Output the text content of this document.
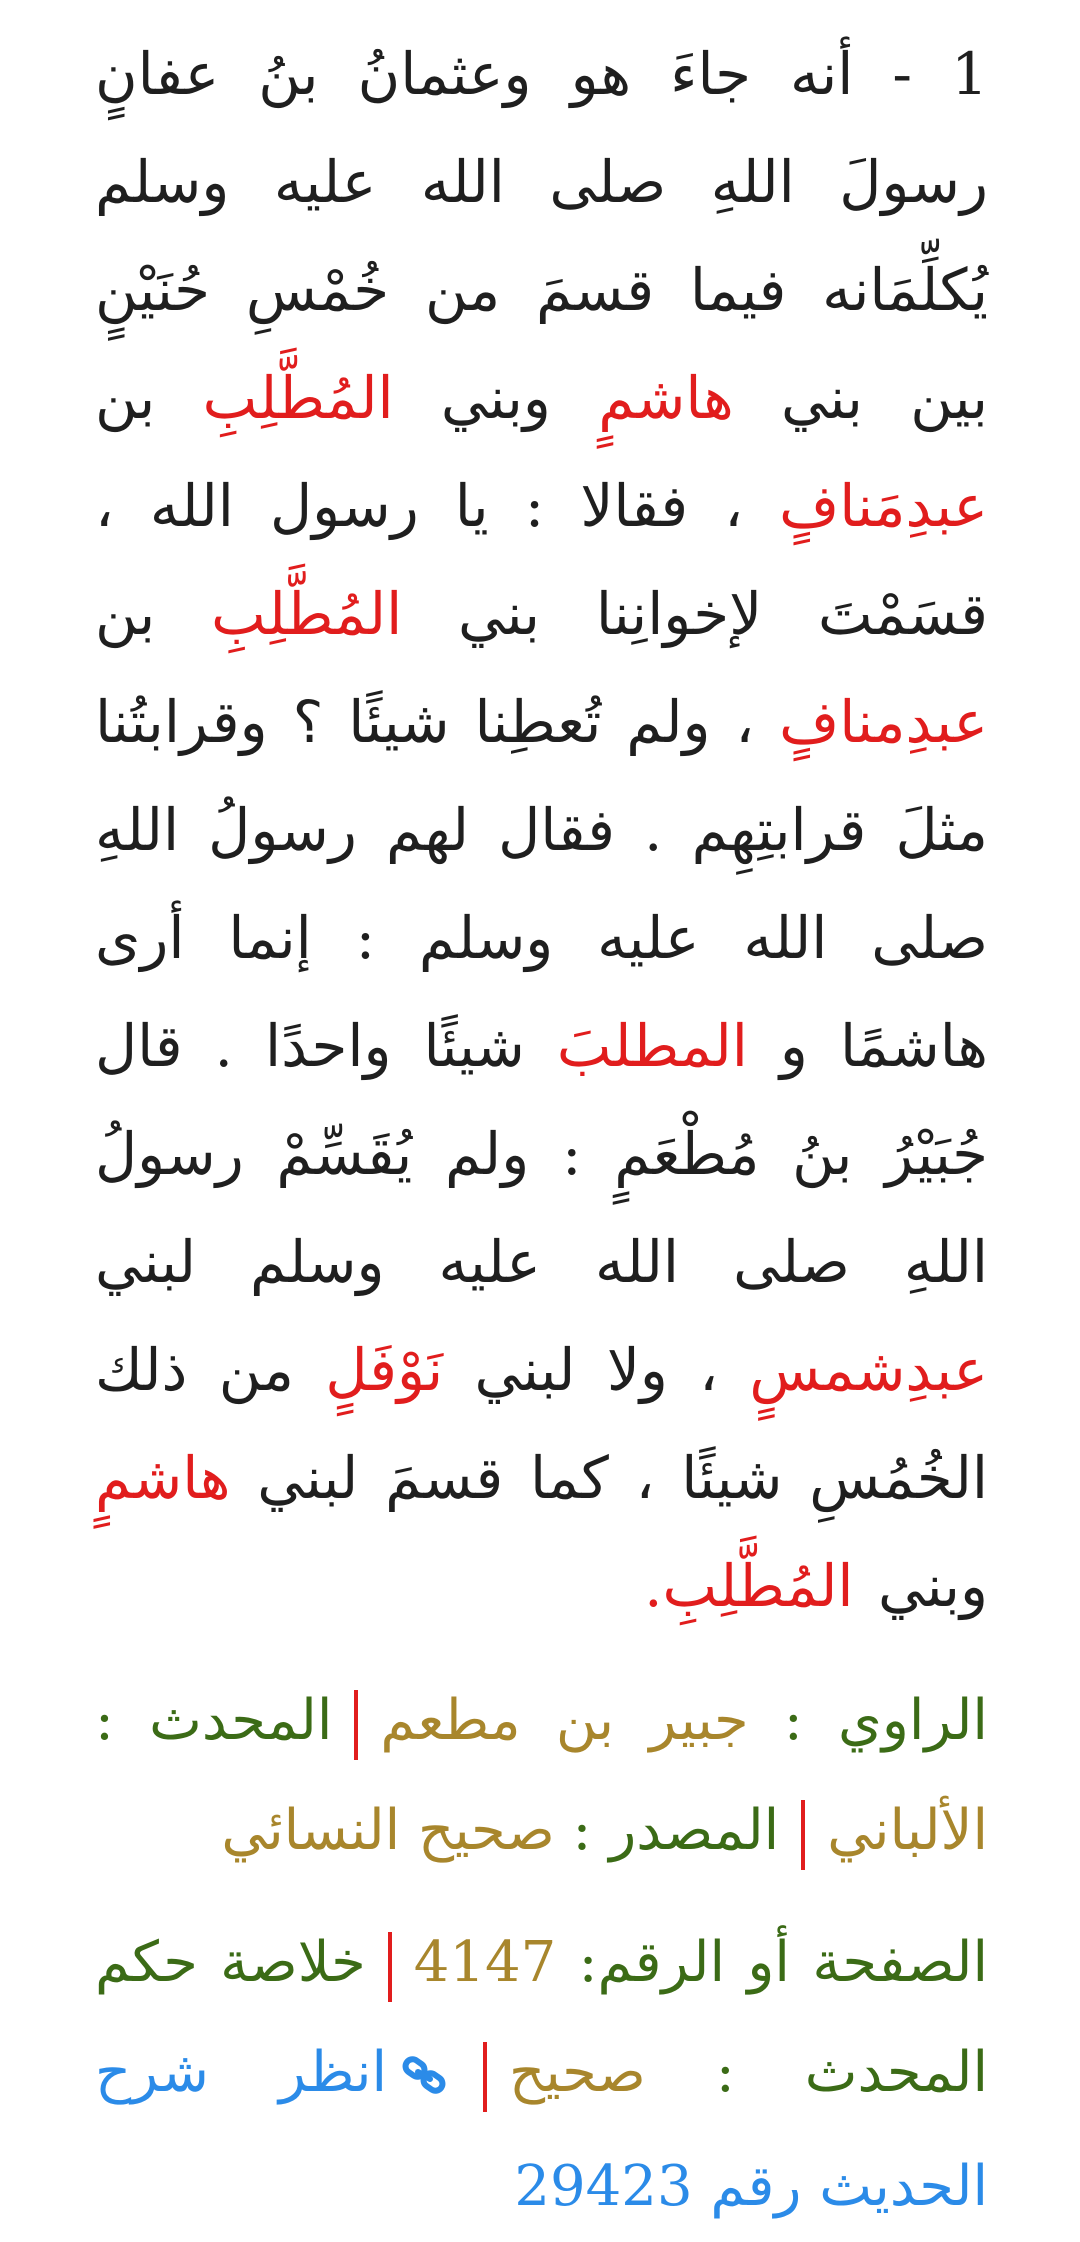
1 - أنه جاءَ هو وعثمانُ بنُ عفانٍ رسولَ اللهِ صلى الله عليه وسلم يُكلِّمَانه فيما قسمَ من خُمْسِ حُنَيْنٍ بين بني هاشمٍ وبني المُطَّلِبِ بن عبدِمَنافٍ ، فقالا : يا رسول الله ، قسَمْتَ لإخوانِنا بني المُطَّلِبِ بن عبدِمنافٍ ، ولم تُعطِنا شيئًا ؟ وقرابتُنا مثلَ قرابتِهِم . فقال لهم رسولُ اللهِ صلى الله عليه وسلم : إنما أرى هاشمًا و المطلبَ شيئًا واحدًا . قال جُبَيْرُ بنُ مُطْعَمٍ : ولم يُقَسِّمْ رسولُ اللهِ صلى الله عليه وسلم لبني عبدِشمسٍ ، ولا لبني نَوْفَلٍ من ذلك الخُمُسِ شيئًا ، كما قسمَ لبني هاشمٍ وبني المُطَّلِبِ.

الراوي : جبير بن مطعمالمحدث : الألبانيالمصدر : صحيح النسائي
الصفحة أو الرقم: 4147خلاصة حكم المحدث : صحيحانظر شرح الحديث رقم 29423
